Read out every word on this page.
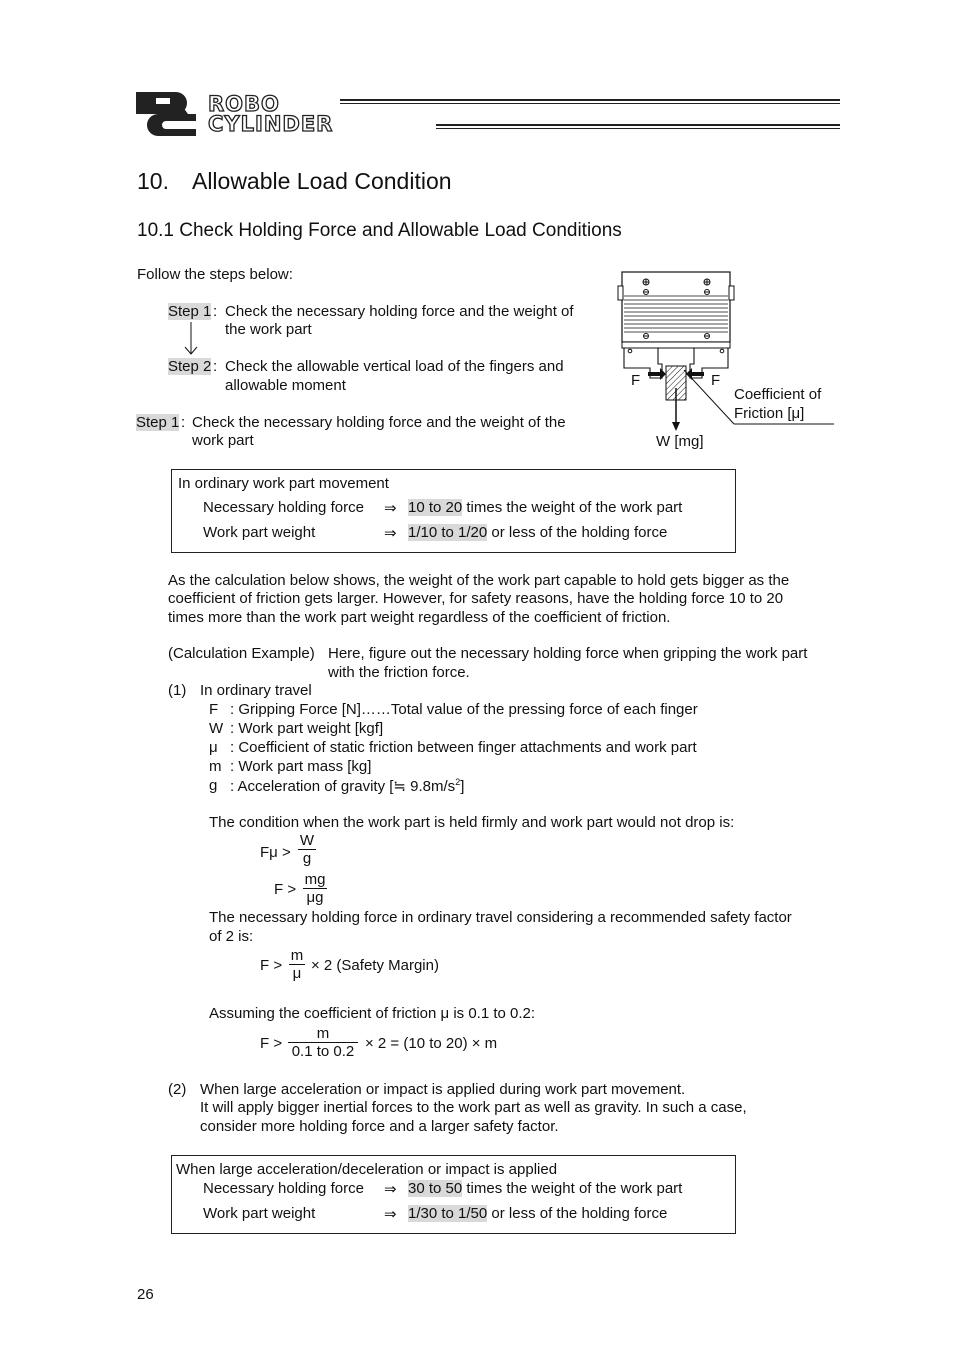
ROBO
CYLINDER
10. Allowable Load Condition
10.1 Check Holding Force and Allowable Load Conditions
Follow the steps below:
Step 1 : Check the necessary holding force and the weight of
the work part
Step 2 : Check the allowable vertical load of the fingers and
allowable moment
Step 1 : Check the necessary holding force and the weight of the
work part
F	F
Coefficient of
Friction [μ]
W [mg]
In ordinary work part movement
Necessary holding force ⇒ 10 to 20 times the weight of the work part
Work part weight	⇒ 1/10 to 1/20 or less of the holding force
As the calculation below shows, the weight of the work part capable to hold gets bigger as the
coefficient of friction gets larger. However, for safety reasons, have the holding force 10 to 20
times more than the work part weight regardless of the coefficient of friction.
(Calculation Example) Here, figure out the necessary holding force when gripping the work part
with the friction force.
(1) In ordinary travel
F : Gripping Force [N]……Total value of the pressing force of each finger
W : Work part weight [kgf]
μ : Coefficient of static friction between finger attachments and work part
m : Work part mass [kg]
g : Acceleration of gravity [≒ $9.8m/s^2$]
The condition when the work part is held firmly and work part would not drop is:
$F\mu > \frac{W}{g}$
$F > \frac{mg}{\mu g}$
The necessary holding force in ordinary travel considering a recommended safety factor
of 2 is:
$F > \frac{m}{\mu} \times 2$ (Safety Margin)
Assuming the coefficient of friction μ is 0.1 to 0.2:
$F > \frac{m}{0.1 to 0.2} \times 2 = (10$ to 20) × m
(2) When large acceleration or impact is applied during work part movement.
It will apply bigger inertial forces to the work part as well as gravity. In such a case,
consider more holding force and a larger safety factor.
When large acceleration/deceleration or impact is applied
Necessary holding force ⇒ 30 to 50 times the weight of the work part
Work part weight	⇒ 1/30 to 1/50 or less of the holding force
26
